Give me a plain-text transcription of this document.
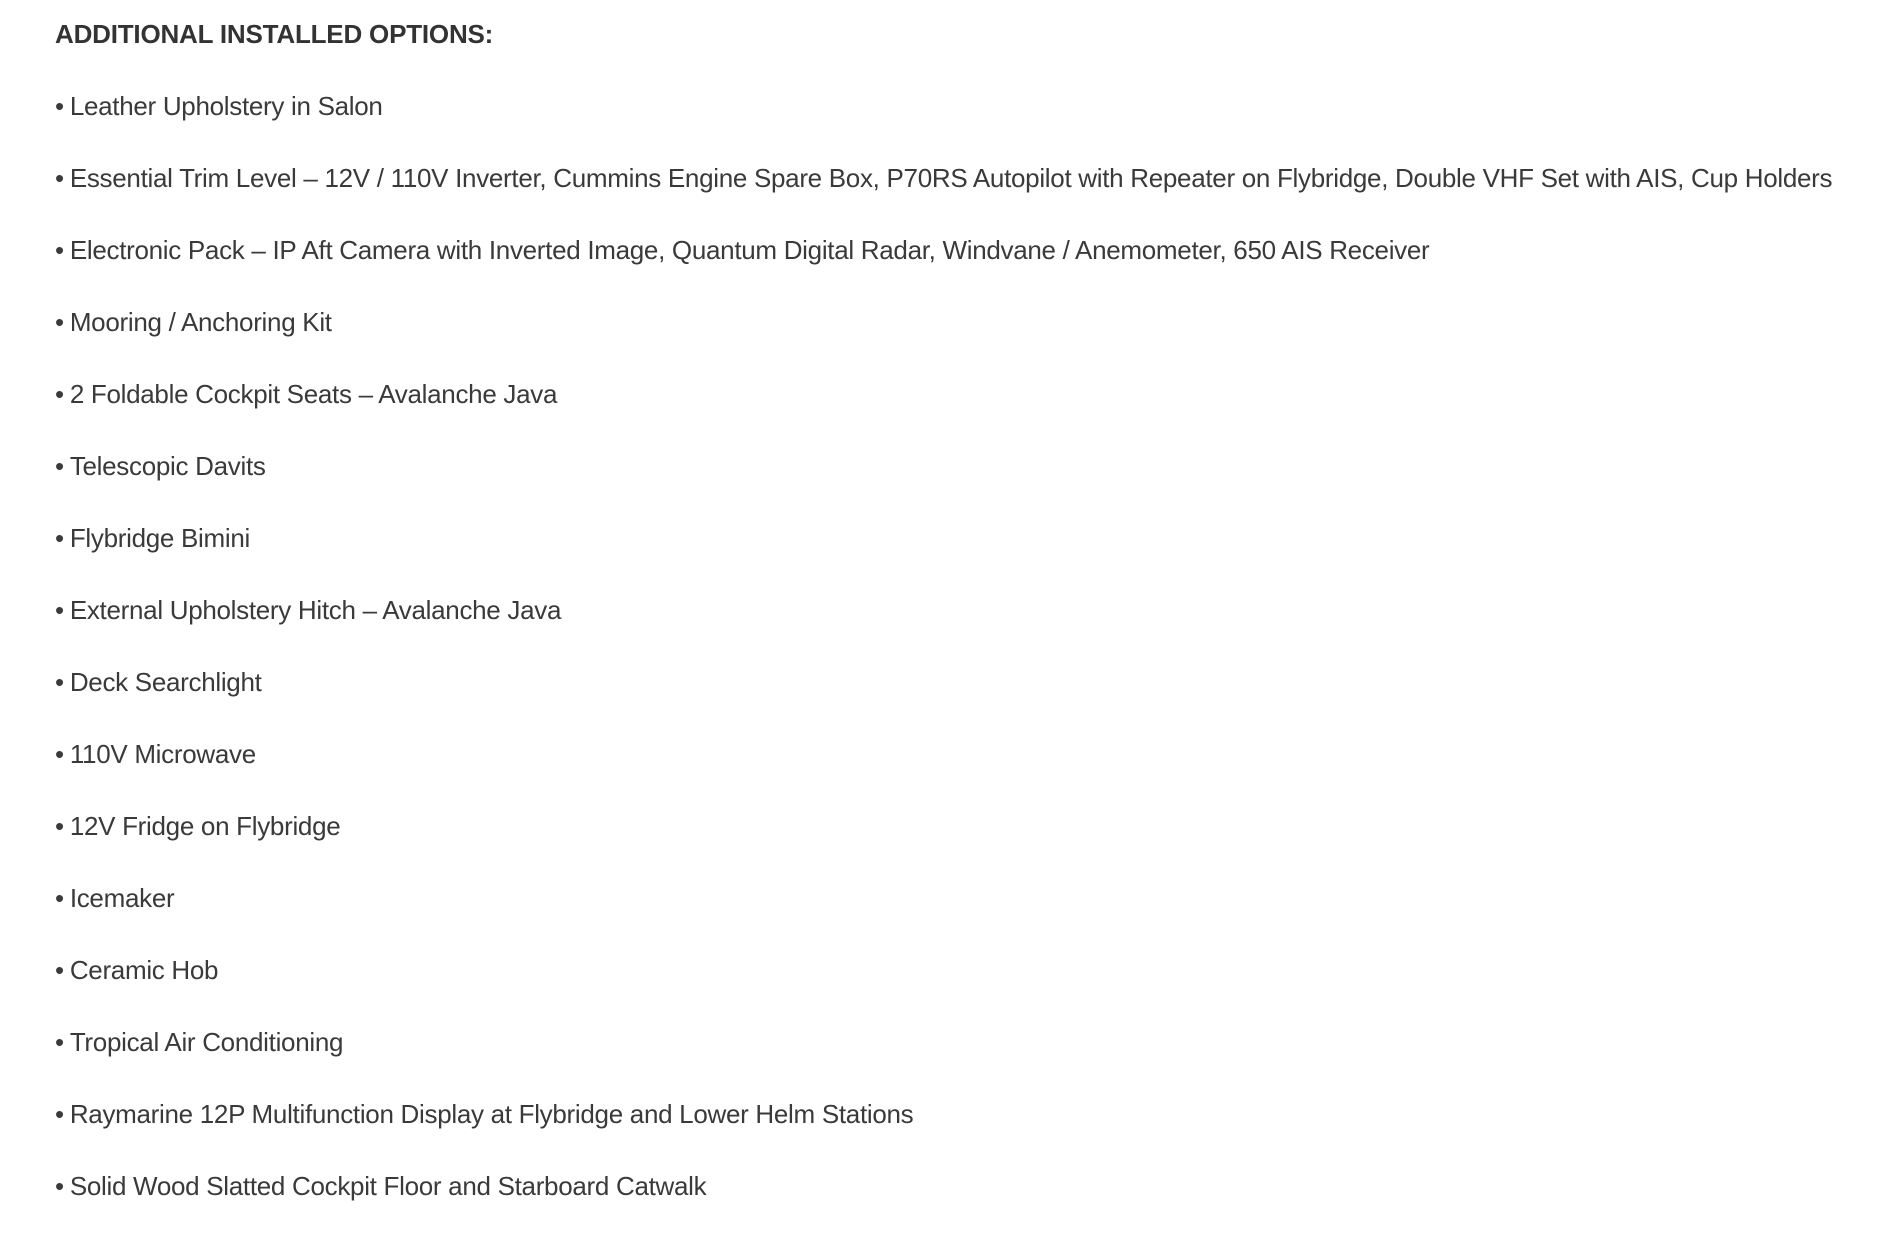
ADDITIONAL INSTALLED OPTIONS:
• Leather Upholstery in Salon
• Essential Trim Level – 12V / 110V Inverter, Cummins Engine Spare Box, P70RS Autopilot with Repeater on Flybridge, Double VHF Set with AIS, Cup Holders
• Electronic Pack – IP Aft Camera with Inverted Image, Quantum Digital Radar, Windvane / Anemometer, 650 AIS Receiver
• Mooring / Anchoring Kit
• 2 Foldable Cockpit Seats – Avalanche Java
• Telescopic Davits
• Flybridge Bimini
• External Upholstery Hitch – Avalanche Java
• Deck Searchlight
• 110V Microwave
• 12V Fridge on Flybridge
• Icemaker
• Ceramic Hob
• Tropical Air Conditioning
• Raymarine 12P Multifunction Display at Flybridge and Lower Helm Stations
• Solid Wood Slatted Cockpit Floor and Starboard Catwalk
